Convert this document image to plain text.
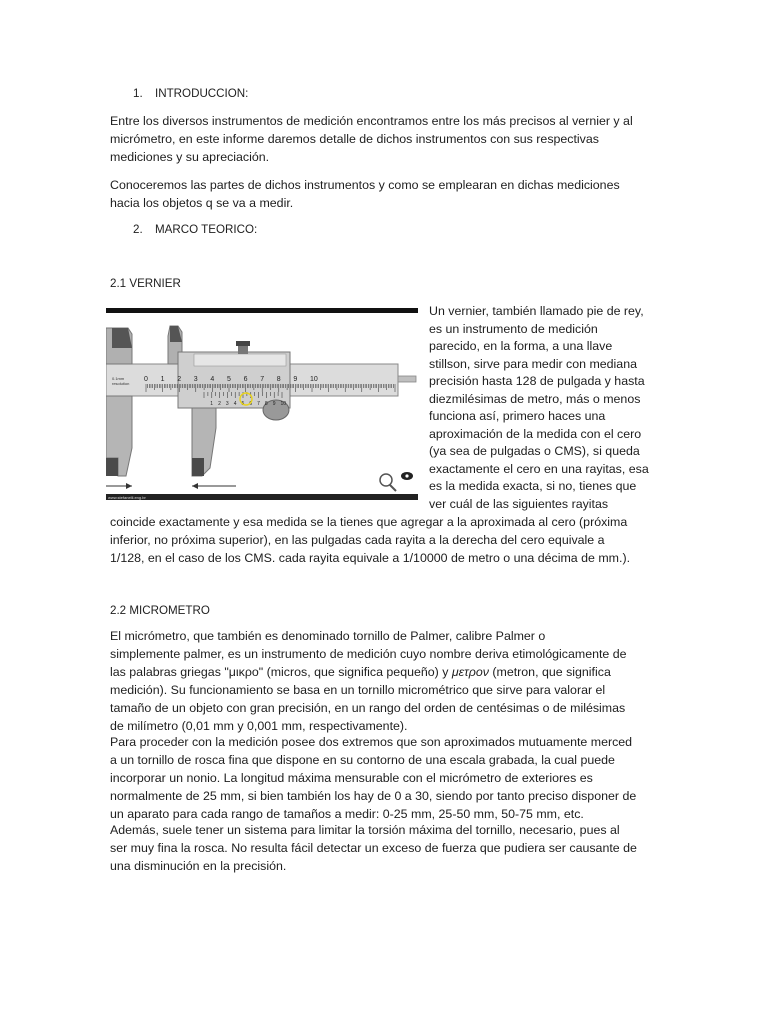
1. INTRODUCCION:
Entre los diversos instrumentos de medición encontramos entre los más precisos al vernier y al
micrómetro, en este informe daremos detalle de dichos instrumentos con sus respectivas
mediciones y su apreciación.
Conoceremos las partes de dichos instrumentos y como se emplearan en dichas mediciones
hacia los objetos q se va a medir.
2. MARCO TEORICO:
2.1 VERNIER
0 1 2 3 4 5 6 7 8 9 10
1 2 3 4 5 6 7 8 9 10
0.1mm
resolution
www.stefanelli.eng.br
Un vernier, también llamado pie de rey,
es un instrumento de medición
parecido, en la forma, a una llave
stillson, sirve para medir con mediana
precisión hasta 128 de pulgada y hasta
diezmilésimas de metro, más o menos
funciona así, primero haces una
aproximación de la medida con el cero
(ya sea de pulgadas o CMS), si queda
exactamente el cero en una rayitas, esa
es la medida exacta, si no, tienes que
ver cuál de las siguientes rayitas
coincide exactamente y esa medida se la tienes que agregar a la aproximada al cero (próxima
inferior, no próxima superior), en las pulgadas cada rayita a la derecha del cero equivale a
1/128, en el caso de los CMS. cada rayita equivale a 1/10000 de metro o una décima de mm.).
2.2 MICROMETRO
El micrómetro, que también es denominado tornillo de Palmer, calibre Palmer o
simplemente palmer, es un instrumento de medición cuyo nombre deriva etimológicamente de
las palabras griegas "μικρο" (micros, que significa pequeño) y μετρον (metron, que significa
medición). Su funcionamiento se basa en un tornillo micrométrico que sirve para valorar el
tamaño de un objeto con gran precisión, en un rango del orden de centésimas o de milésimas
de milímetro (0,01 mm y 0,001 mm, respectivamente).
Para proceder con la medición posee dos extremos que son aproximados mutuamente merced
a un tornillo de rosca fina que dispone en su contorno de una escala grabada, la cual puede
incorporar un nonio. La longitud máxima mensurable con el micrómetro de exteriores es
normalmente de 25 mm, si bien también los hay de 0 a 30, siendo por tanto preciso disponer de
un aparato para cada rango de tamaños a medir: 0-25 mm, 25-50 mm, 50-75 mm, etc.
Además, suele tener un sistema para limitar la torsión máxima del tornillo, necesario, pues al
ser muy fina la rosca. No resulta fácil detectar un exceso de fuerza que pudiera ser causante de
una disminución en la precisión.
